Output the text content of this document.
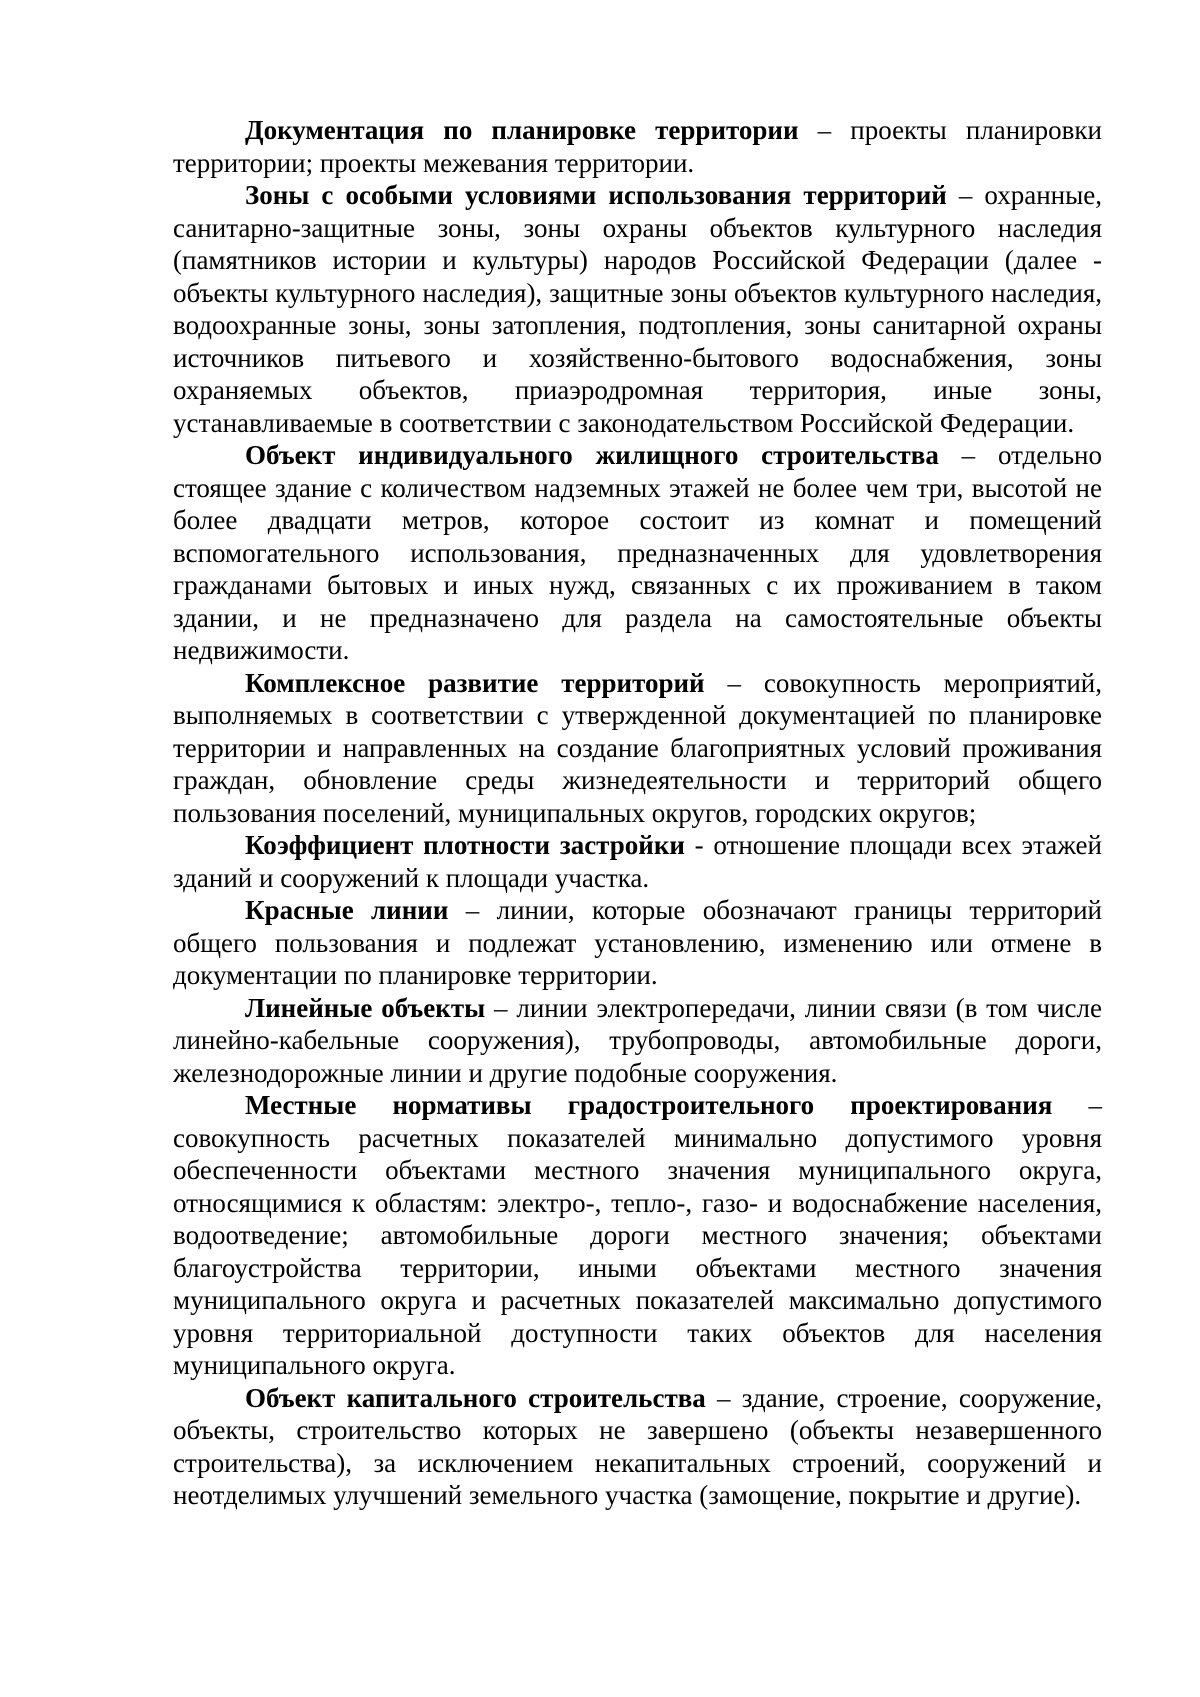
Документация по планировке территории – проекты планировки территории; проекты межевания территории.

Зоны с особыми условиями использования территорий – охранные, санитарно-защитные зоны, зоны охраны объектов культурного наследия (памятников истории и культуры) народов Российской Федерации (далее - объекты культурного наследия), защитные зоны объектов культурного наследия, водоохранные зоны, зоны затопления, подтопления, зоны санитарной охраны источников питьевого и хозяйственно-бытового водоснабжения, зоны охраняемых объектов, приаэродромная территория, иные зоны, устанавливаемые в соответствии с законодательством Российской Федерации.

Объект индивидуального жилищного строительства – отдельно стоящее здание с количеством надземных этажей не более чем три, высотой не более двадцати метров, которое состоит из комнат и помещений вспомогательного использования, предназначенных для удовлетворения гражданами бытовых и иных нужд, связанных с их проживанием в таком здании, и не предназначено для раздела на самостоятельные объекты недвижимости.

Комплексное развитие территорий – совокупность мероприятий, выполняемых в соответствии с утвержденной документацией по планировке территории и направленных на создание благоприятных условий проживания граждан, обновление среды жизнедеятельности и территорий общего пользования поселений, муниципальных округов, городских округов;

Коэффициент плотности застройки - отношение площади всех этажей зданий и сооружений к площади участка.

Красные линии – линии, которые обозначают границы территорий общего пользования и подлежат установлению, изменению или отмене в документации по планировке территории.

Линейные объекты – линии электропередачи, линии связи (в том числе линейно-кабельные сооружения), трубопроводы, автомобильные дороги, железнодорожные линии и другие подобные сооружения.

Местные нормативы градостроительного проектирования – совокупность расчетных показателей минимально допустимого уровня обеспеченности объектами местного значения муниципального округа, относящимися к областям: электро-, тепло-, газо- и водоснабжение населения, водоотведение; автомобильные дороги местного значения; объектами благоустройства территории, иными объектами местного значения муниципального округа и расчетных показателей максимально допустимого уровня территориальной доступности таких объектов для населения муниципального округа.

Объект капитального строительства – здание, строение, сооружение, объекты, строительство которых не завершено (объекты незавершенного строительства), за исключением некапитальных строений, сооружений и неотделимых улучшений земельного участка (замощение, покрытие и другие).
